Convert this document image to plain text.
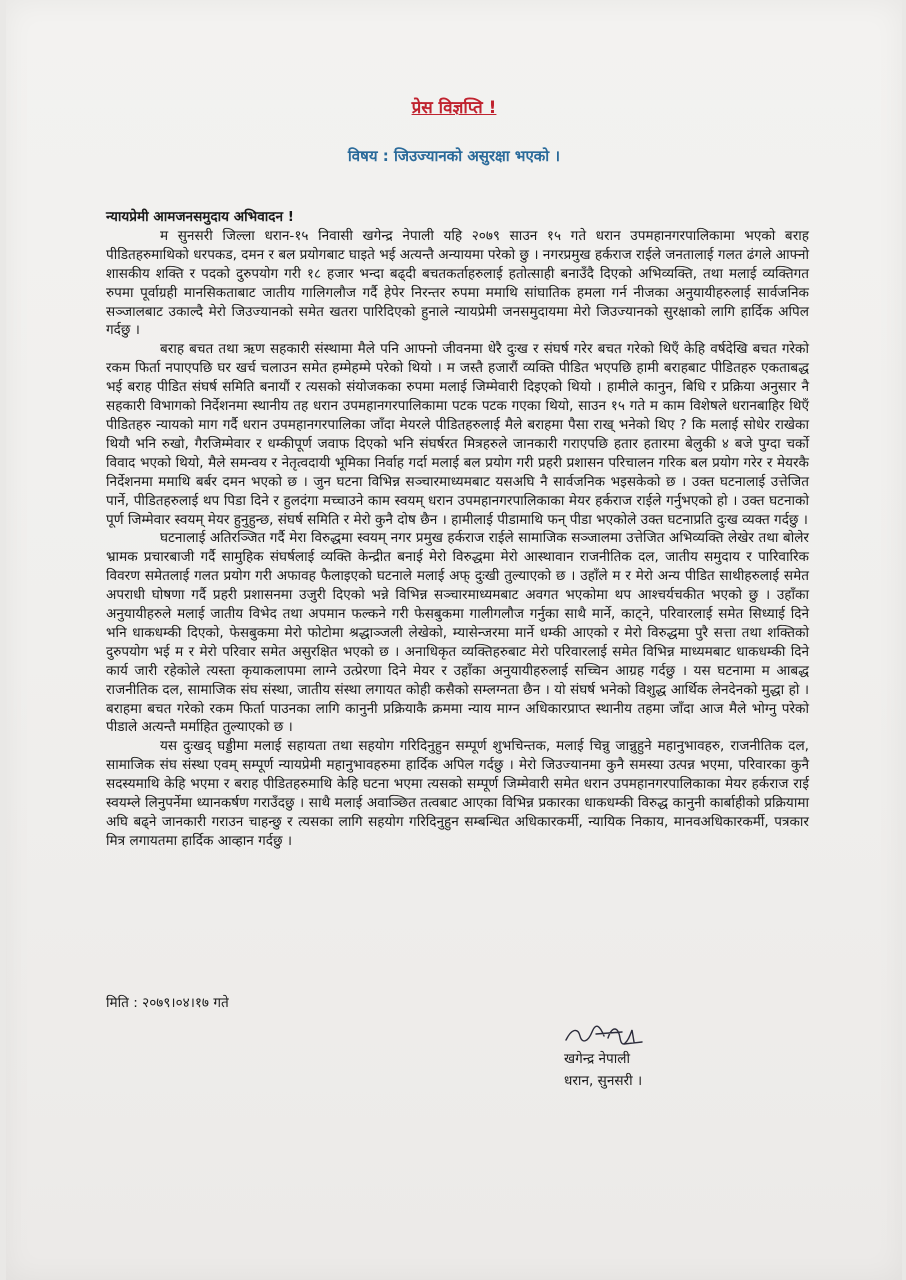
प्रेस विज्ञप्ति !
विषय : जिउज्यानको असुरक्षा भएको ।

न्यायप्रेमी आमजनसमुदाय अभिवादन !

म सुनसरी जिल्ला धरान-१५ निवासी खगेन्द्र नेपाली यहि २०७९ साउन १५ गते धरान उपमहानगरपालिकामा भएको बराह पीडितहरुमाथिको धरपकड, दमन र बल प्रयोगबाट घाइते भई अत्यन्तै अन्यायमा परेको छु । नगरप्रमुख हर्कराज राईले जनतालाई गलत ढंगले आफ्नो शासकीय शक्ति र पदको दुरुपयोग गरी १८ हजार भन्दा बढ्दी बचतकर्ताहरुलाई हतोत्साही बनाउँदै दिएको अभिव्यक्ति, तथा मलाई व्यक्तिगत रुपमा पूर्वाग्रही मानसिकताबाट जातीय गालिगलौज गर्दै हेपेर निरन्तर रुपमा ममाथि सांघातिक हमला गर्न नीजका अनुयायीहरुलाई सार्वजनिक सञ्जालबाट उकाल्दै मेरो जिउज्यानको समेत खतरा पारिदिएको हुनाले न्यायप्रेमी जनसमुदायमा मेरो जिउज्यानको सुरक्षाको लागि हार्दिक अपिल गर्दछु ।

बराह बचत तथा ऋण सहकारी संस्थामा मैले पनि आफ्नो जीवनमा धेरै दुःख र संघर्ष गरेर बचत गरेको थिएँ केहि वर्षदेखि बचत गरेको रकम फिर्ता नपाएपछि घर खर्च चलाउन समेत हम्मेहम्मे परेको थियो । म जस्तै हजारौं व्यक्ति पीडित भएपछि हामी बराहबाट पीडितहरु एकताबद्ध भई बराह पीडित संघर्ष समिति बनायौं र त्यसको संयोजकका रुपमा मलाई जिम्मेवारी दिइएको थियो । हामीले कानुन, बिधि र प्रक्रिया अनुसार नै सहकारी विभागको निर्देशनमा स्थानीय तह धरान उपमहानगरपालिकामा पटक पटक गएका थियो, साउन १५ गते म काम विशेषले धरानबाहिर थिएँ पीडितहरु न्यायको माग गर्दै धरान उपमहानगरपालिका जाँदा मेयरले पीडितहरुलाई मैले बराहमा पैसा राख् भनेको थिए ? कि मलाई सोधेर राखेका थियौ भनि रुखो, गैरजिम्मेवार र धम्कीपूर्ण जवाफ दिएको भनि संघर्षरत मित्रहरुले जानकारी गराएपछि हतार हतारमा बेलुकी ४ बजे पुग्दा चर्को विवाद भएको थियो, मैले समन्वय र नेतृत्वदायी भूमिका निर्वाह गर्दा मलाई बल प्रयोग गरी प्रहरी प्रशासन परिचालन गरिक बल प्रयोग गरेर र मेयरकै निर्देशनमा ममाथि बर्बर दमन भएको छ । जुन घटना विभिन्न सञ्चारमाध्यमबाट यसअघि नै सार्वजनिक भइसकेको छ । उक्त घटनालाई उत्तेजित पार्ने, पीडितहरुलाई थप पिडा दिने र हुलदंगा मच्चाउने काम स्वयम् धरान उपमहानगरपालिकाका मेयर हर्कराज राईले गर्नुभएको हो । उक्त घटनाको पूर्ण जिम्मेवार स्वयम् मेयर हुनुहुन्छ, संघर्ष समिति र मेरो कुनै दोष छैन । हामीलाई पीडामाथि फन् पीडा भएकोले उक्त घटनाप्रति दुःख व्यक्त गर्दछु ।

घटनालाई अतिरञ्जित गर्दै मेरा विरुद्धमा स्वयम् नगर प्रमुख हर्कराज राईले सामाजिक सञ्जालमा उत्तेजित अभिव्यक्ति लेखेर तथा बोलेर भ्रामक प्रचारबाजी गर्दै सामुहिक संघर्षलाई व्यक्ति केन्द्रीत बनाई मेरो विरुद्धमा मेरो आस्थावान राजनीतिक दल, जातीय समुदाय र पारिवारिक विवरण समेतलाई गलत प्रयोग गरी अफावह फैलाइएको घटनाले मलाई अफ् दुःखी तुल्याएको छ । उहाँले म र मेरो अन्य पीडित साथीहरुलाई समेत अपराधी घोषणा गर्दै प्रहरी प्रशासनमा उजुरी दिएको भन्ने विभिन्न सञ्चारमाध्यमबाट अवगत भएकोमा थप आश्चर्यचकीत भएको छु । उहाँका अनुयायीहरुले मलाई जातीय विभेद तथा अपमान फल्कने गरी फेसबुकमा गालीगलौज गर्नुका साथै मार्ने, काट्ने, परिवारलाई समेत सिध्याई दिने भनि धाकधम्की दिएको, फेसबुकमा मेरो फोटोमा श्रद्धाञ्जली लेखेको, म्यासेन्जरमा मार्ने धम्की आएको र मेरो विरुद्धमा पुरै सत्ता तथा शक्तिको दुरुपयोग भई म र मेरो परिवार समेत असुरक्षित भएको छ । अनाधिकृत व्यक्तिहरुबाट मेरो परिवारलाई समेत विभिन्न माध्यमबाट धाकधम्की दिने कार्य जारी रहेकोले त्यस्ता कृयाकलापमा लाग्ने उत्प्रेरणा दिने मेयर र उहाँका अनुयायीहरुलाई सच्चिन आग्रह गर्दछु । यस घटनामा म आबद्ध राजनीतिक दल, सामाजिक संघ संस्था, जातीय संस्था लगायत कोही कसैको सम्लग्नता छैन । यो संघर्ष भनेको विशुद्ध आर्थिक लेनदेनको मुद्धा हो । बराहमा बचत गरेको रकम फिर्ता पाउनका लागि कानुनी प्रक्रियाकै क्रममा न्याय माग्न अधिकारप्राप्त स्थानीय तहमा जाँदा आज मैले भोग्नु परेको पीडाले अत्यन्तै मर्माहित तुल्याएको छ ।

यस दुःखद् घड्डीमा मलाई सहायता तथा सहयोग गरिदिनुहुन सम्पूर्ण शुभचिन्तक, मलाई चिन्नु जान्नुहुने महानुभावहरु, राजनीतिक दल, सामाजिक संघ संस्था एवम् सम्पूर्ण न्यायप्रेमी महानुभावहरुमा हार्दिक अपिल गर्दछु । मेरो जिउज्यानमा कुनै समस्या उत्पन्न भएमा, परिवारका कुनै सदस्यमाथि केहि भएमा र बराह पीडितहरुमाथि केहि घटना भएमा त्यसको सम्पूर्ण जिम्मेवारी समेत धरान उपमहानगरपालिकाका मेयर हर्कराज राई स्वयम्ले लिनुपर्नेमा ध्यानकर्षण गराउँदछु । साथै मलाई अवाञ्छित तत्वबाट आएका विभिन्न प्रकारका धाकधम्की विरुद्ध कानुनी कार्बाहीको प्रक्रियामा अघि बढ्ने जानकारी गराउन चाहन्छु र त्यसका लागि सहयोग गरिदिनुहुन सम्बन्धित अधिकारकर्मी, न्यायिक निकाय, मानवअधिकारकर्मी, पत्रकार मित्र लगायतमा हार्दिक आव्हान गर्दछु ।

मिति : २०७९।०४।१७ गते
खगेन्द्र नेपाली
धरान, सुनसरी ।
